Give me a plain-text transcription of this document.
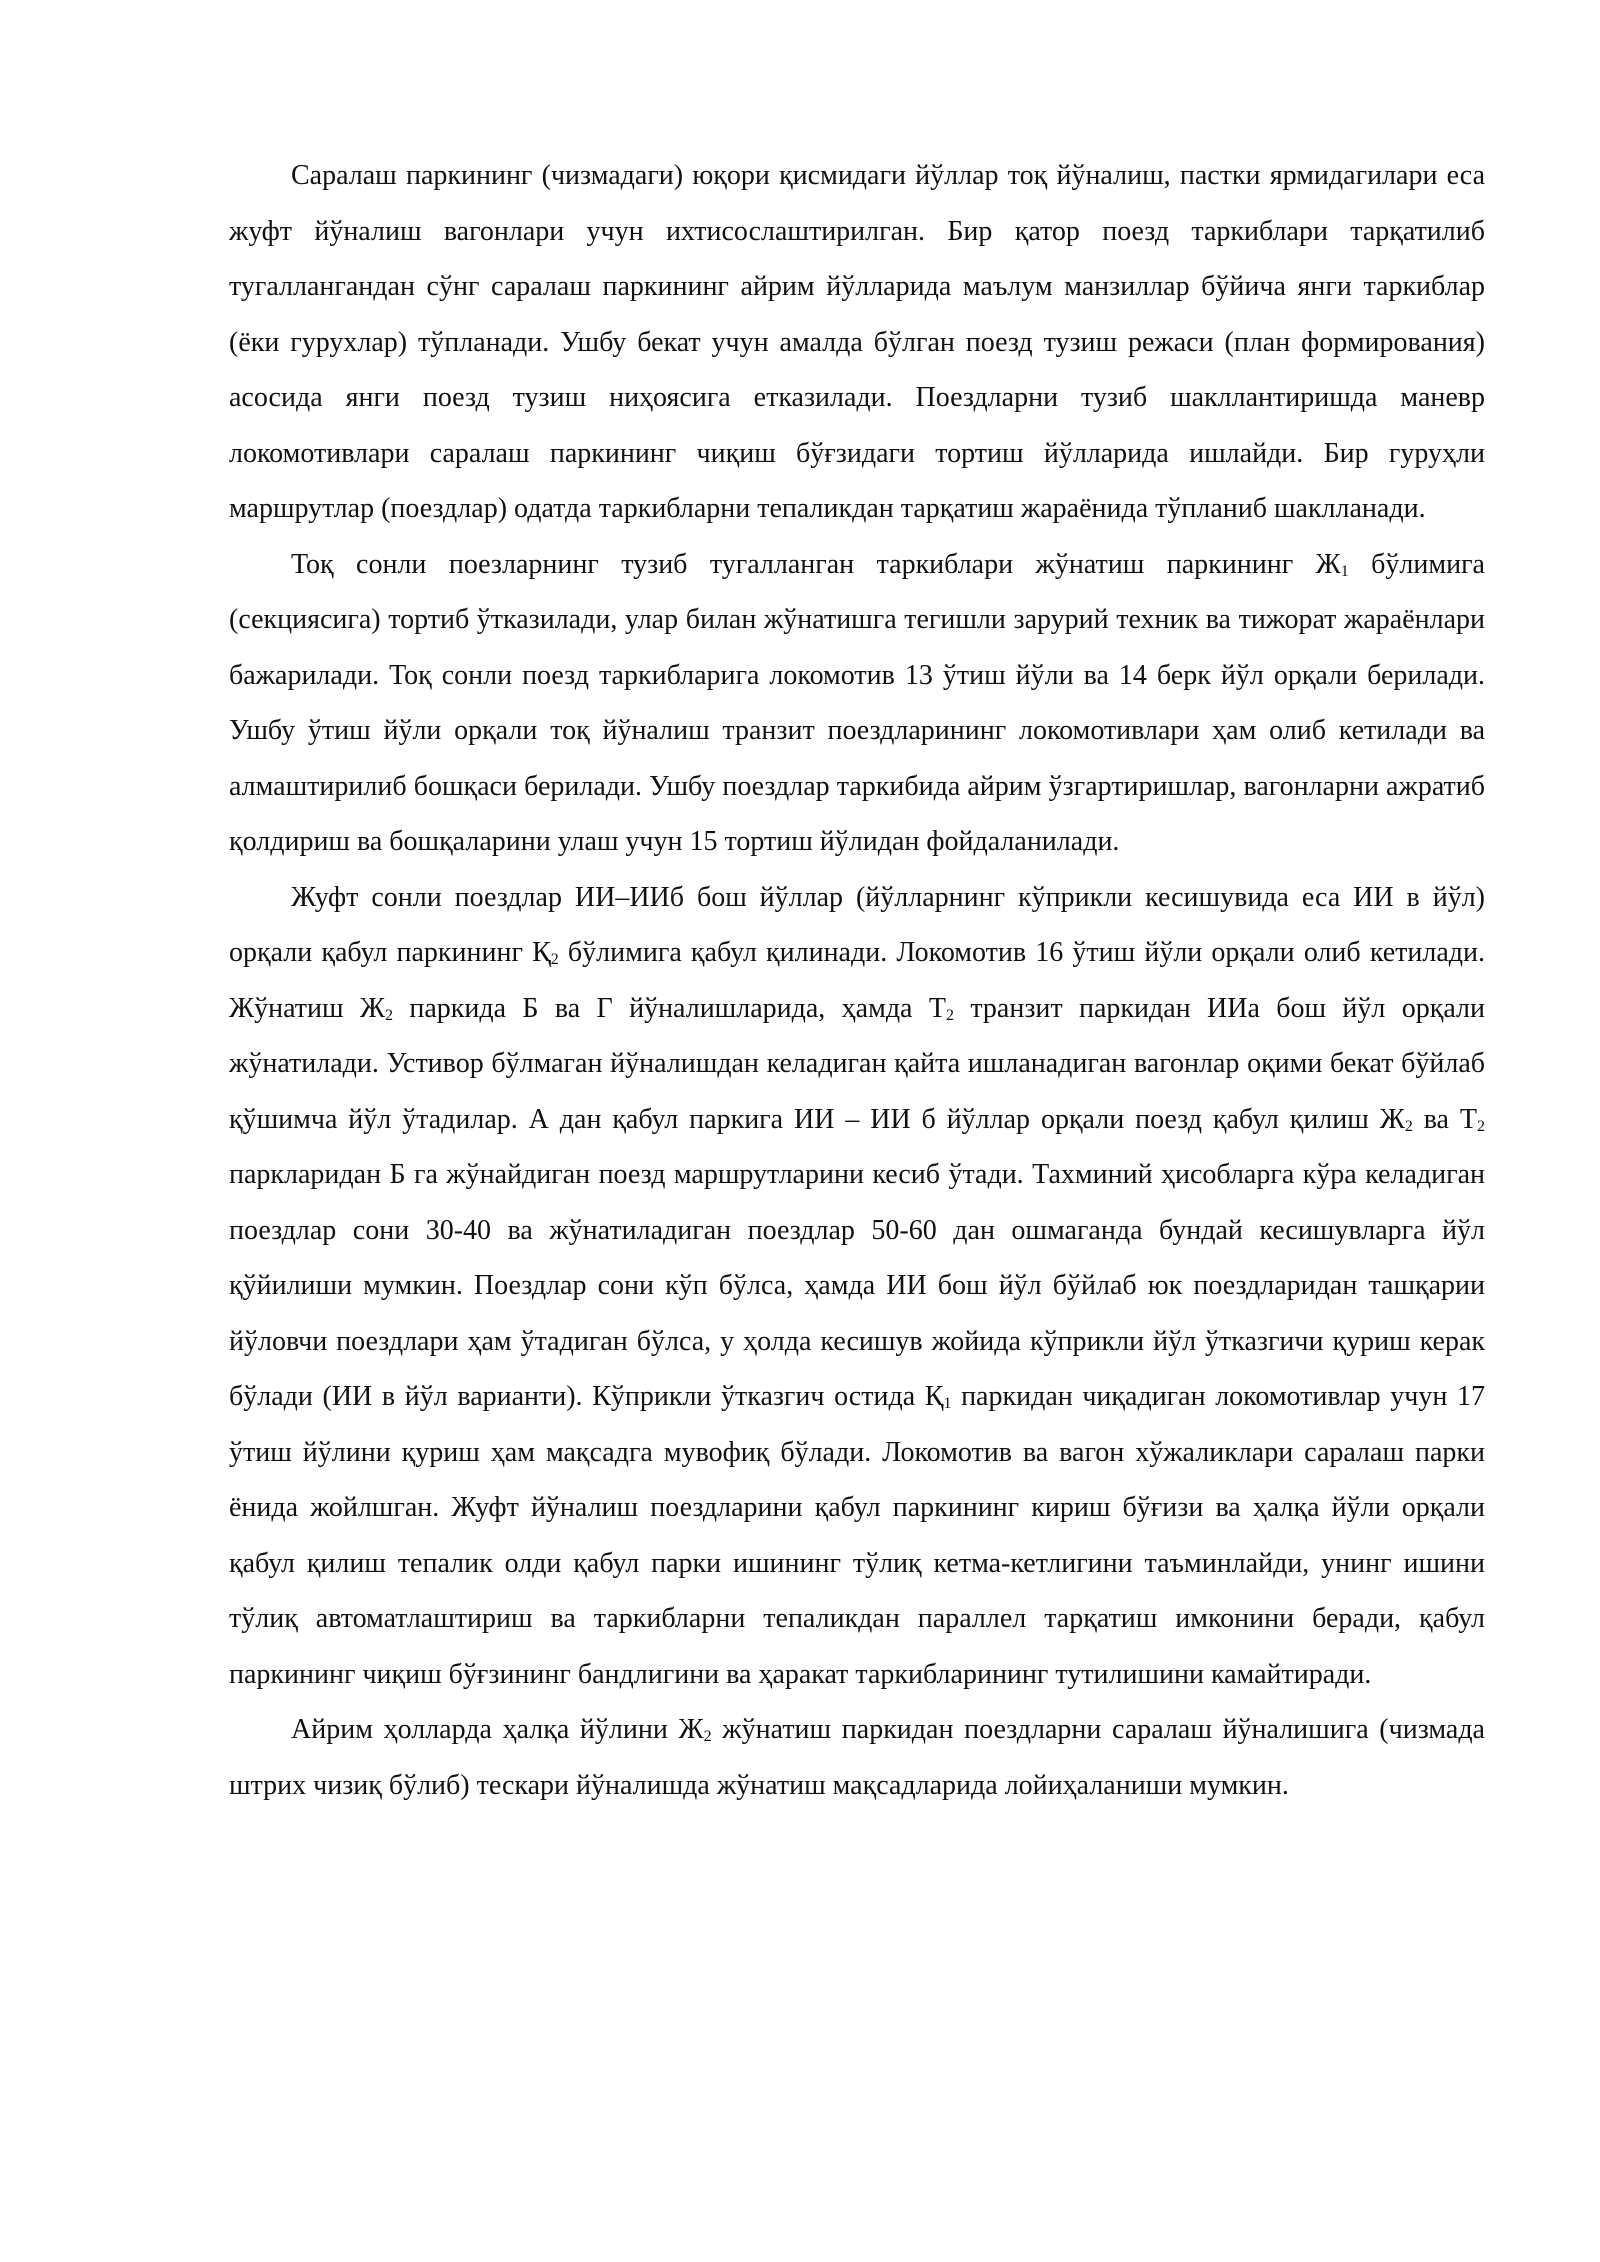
Саралаш паркининг (чизмадаги) юқори қисмидаги йўллар тоқ йўналиш, пастки ярмидагилари еса жуфт йўналиш вагонлари учун ихтисослаштирилган. Бир қатор поезд таркиблари тарқатилиб тугаллангандан сўнг саралаш паркининг айрим йўлларида маълум манзиллар бўйича янги таркиблар (ёки гурухлар) тўпланади. Ушбу бекат учун амалда бўлган поезд тузиш режаси (план формирования) асосида янги поезд тузиш ниҳоясига етказилади. Поездларни тузиб шакллантиришда маневр локомотивлари саралаш паркининг чиқиш бўғзидаги тортиш йўлларида ишлайди. Бир гуруҳли маршрутлар (поездлар) одатда таркибларни тепаликдан тарқатиш жараёнида тўпланиб шаклланади.

Тоқ сонли поезларнинг тузиб тугалланган таркиблари жўнатиш паркининг $Ж_1$ бўлимига (секциясига) тортиб ўтказилади, улар билан жўнатишга тегишли зарурий техник ва тижорат жараёнлари бажарилади. Тоқ сонли поезд таркибларига локомотив 13 ўтиш йўли ва 14 берк йўл орқали берилади. Ушбу ўтиш йўли орқали тоқ йўналиш транзит поездларининг локомотивлари ҳам олиб кетилади ва алмаштирилиб бошқаси берилади. Ушбу поездлар таркибида айрим ўзгартиришлар, вагонларни ажратиб қолдириш ва бошқаларини улаш учун 15 тортиш йўлидан фойдаланилади.

Жуфт сонли поездлар ИИ–ИИб бош йўллар (йўлларнинг кўприкли кесишувида еса ИИ в йўл) орқали қабул паркининг $Қ_2$ бўлимига қабул қилинади. Локомотив 16 ўтиш йўли орқали олиб кетилади. Жўнатиш $Ж_2$ паркида Б ва Г йўналишларида, ҳамда $Т_2$ транзит паркидан ИИа бош йўл орқали жўнатилади. Устивор бўлмаган йўналишдан келадиган қайта ишланадиган вагонлар оқими бекат бўйлаб қўшимча йўл ўтадилар. А дан қабул паркига ИИ – ИИ б йўллар орқали поезд қабул қилиш $Ж_2$ ва $Т_2$ паркларидан Б га жўнайдиган поезд маршрутларини кесиб ўтади. Тахминий ҳисобларга кўра келадиган поездлар сони 30-40 ва жўнатиладиган поездлар 50-60 дан ошмаганда бундай кесишувларга йўл қўйилиши мумкин. Поездлар сони кўп бўлса, ҳамда ИИ бош йўл бўйлаб юк поездларидан ташқарии йўловчи поездлари ҳам ўтадиган бўлса, у ҳолда кесишув жойида кўприкли йўл ўтказгичи қуриш керак бўлади (ИИ в йўл варианти). Кўприкли ўтказгич остида $Қ_1$ паркидан чиқадиган локомотивлар учун 17 ўтиш йўлини қуриш ҳам мақсадга мувофиқ бўлади. Локомотив ва вагон хўжаликлари саралаш парки ёнида жойлшган. Жуфт йўналиш поездларини қабул паркининг кириш бўғизи ва ҳалқа йўли орқали қабул қилиш тепалик олди қабул парки ишининг тўлиқ кетма-кетлигини таъминлайди, унинг ишини тўлиқ автоматлаштириш ва таркибларни тепаликдан параллел тарқатиш имконини беради, қабул паркининг чиқиш бўғзининг бандлигини ва ҳаракат таркибларининг тутилишини камайтиради.

Айрим ҳолларда ҳалқа йўлини $Ж_2$ жўнатиш паркидан поездларни саралаш йўналишига (чизмада штрих чизиқ бўлиб) тескари йўналишда жўнатиш мақсадларида лойиҳаланиши мумкин.
